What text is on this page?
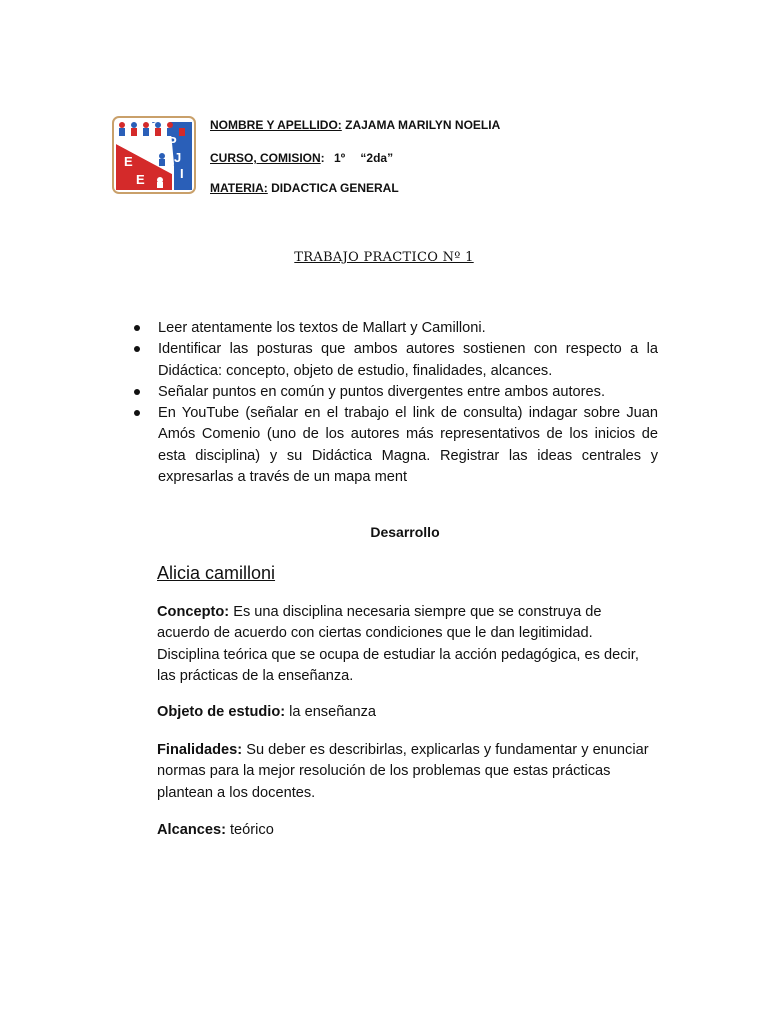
E
E
P
J
I
NOMBRE Y APELLIDO: ZAJAMA MARILYN NOELIA
CURSO, COMISION: 1º “2da”
MATERIA: DIDACTICA GENERAL
TRABAJO PRACTICO Nº 1
Leer atentamente los textos de Mallart y Camilloni.
Identificar las posturas que ambos autores sostienen con respecto a la Didáctica: concepto, objeto de estudio, finalidades, alcances.
Señalar puntos en común y puntos divergentes entre ambos autores.
En YouTube (señalar en el trabajo el link de consulta) indagar sobre Juan Amós Comenio (uno de los autores más representativos de los inicios de esta disciplina) y su Didáctica Magna. Registrar las ideas centrales y expresarlas a través de un mapa ment
Desarrollo
Alicia camilloni

Concepto: Es una disciplina necesaria siempre que se construya de acuerdo de acuerdo con ciertas condiciones que le dan legitimidad. Disciplina teórica que se ocupa de estudiar la acción pedagógica, es decir, las prácticas de la enseñanza.

Objeto de estudio: la enseñanza

Finalidades: Su deber es describirlas, explicarlas y fundamentar y enunciar normas para la mejor resolución de los problemas que estas prácticas plantean a los docentes.

Alcances: teórico
